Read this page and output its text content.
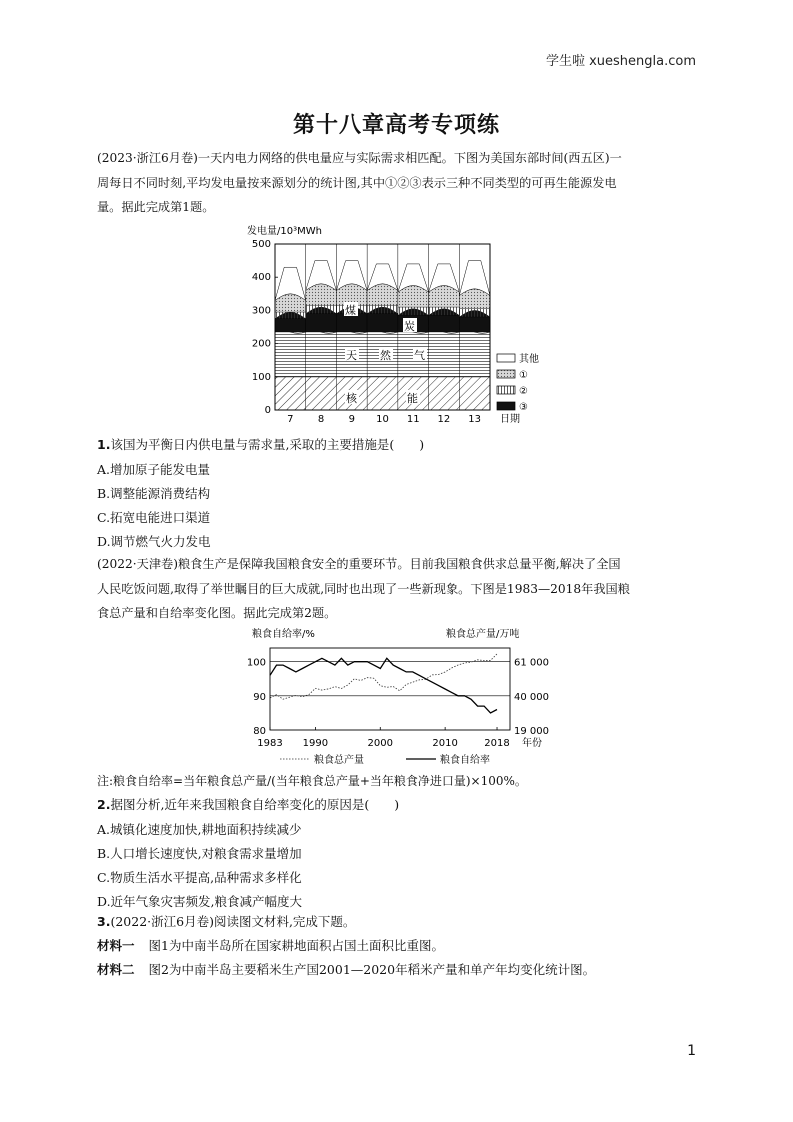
学生啦 xueshengla.com
第十八章高考专项练
(2023·浙江6月卷)一天内电力网络的供电量应与实际需求相匹配。下图为美国东部时间(西五区)一
周每日不同时刻,平均发电量按来源划分的统计图,其中①②③表示三种不同类型的可再生能源发电
量。据此完成第1题。
发电量/10³MWh
0
100
200
300
400
500
煤
炭
天 然 气
核	能
7 8 9 10 11 12 13 日期
其他
①
②
③
1.该国为平衡日内供电量与需求量,采取的主要措施是(　　)
A.增加原子能发电量
B.调整能源消费结构
C.拓宽电能进口渠道
D.调节燃气火力发电
(2022·天津卷)粮食生产是保障我国粮食安全的重要环节。目前我国粮食供求总量平衡,解决了全国
人民吃饭问题,取得了举世瞩目的巨大成就,同时也出现了一些新现象。下图是1983—2018年我国粮
食总产量和自给率变化图。据此完成第2题。
粮食自给率/%	粮食总产量/万吨
80
90
100
19 000
40 000
61 000
1983 1990	2000	2010	2018 年份
粮食总产量	粮食自给率
注:粮食自给率=当年粮食总产量/(当年粮食总产量+当年粮食净进口量)×100%。
2.据图分析,近年来我国粮食自给率变化的原因是(　　)
A.城镇化速度加快,耕地面积持续减少
B.人口增长速度快,对粮食需求量增加
C.物质生活水平提高,品种需求多样化
D.近年气象灾害频发,粮食减产幅度大
3.(2022·浙江6月卷)阅读图文材料,完成下题。
材料一 图1为中南半岛所在国家耕地面积占国土面积比重图。
材料二 图2为中南半岛主要稻米生产国2001—2020年稻米产量和单产年均变化统计图。
1
